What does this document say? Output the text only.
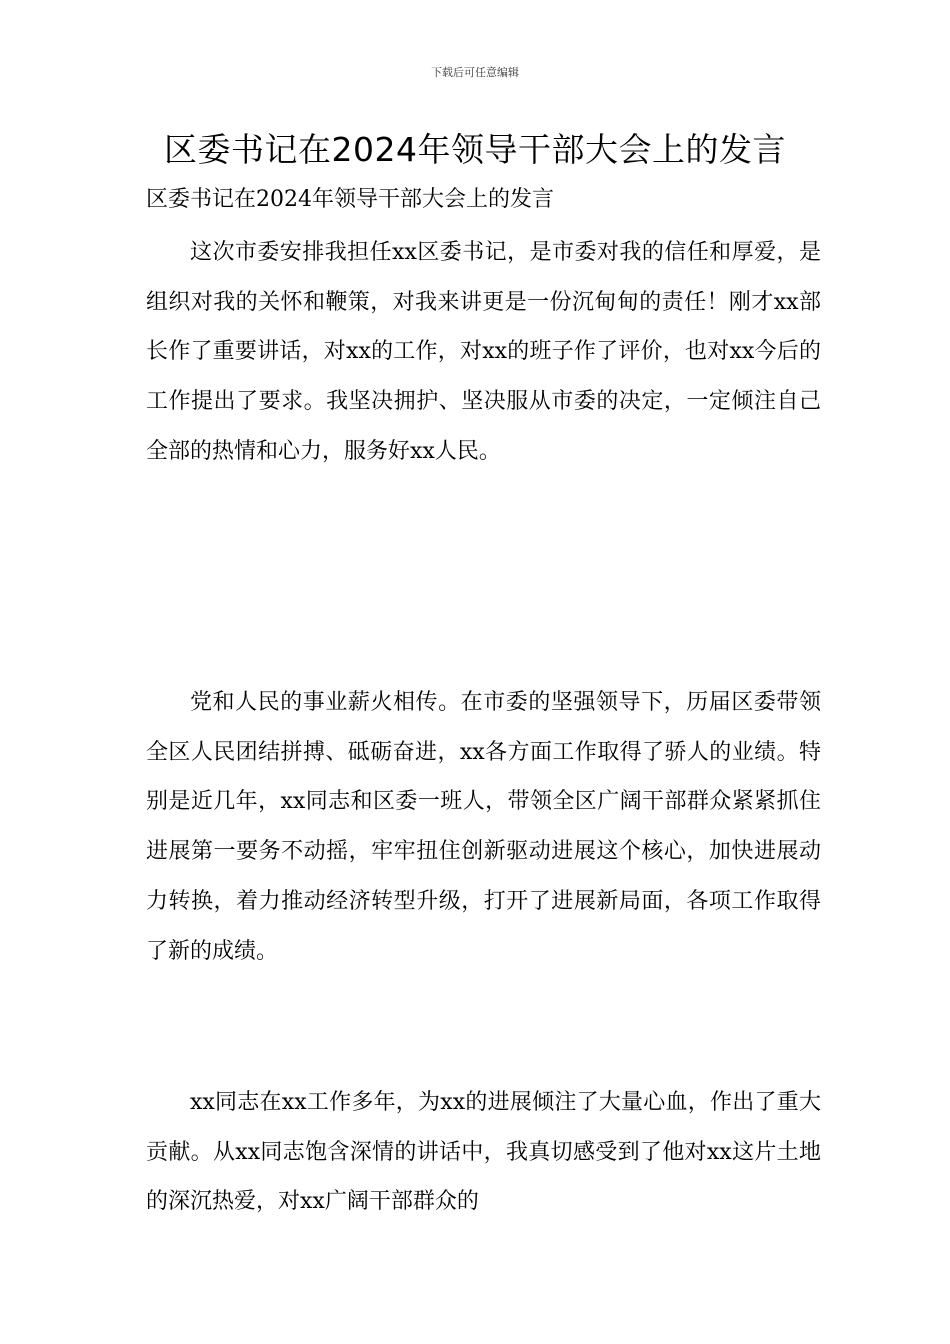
下载后可任意编辑
区委书记在2024年领导干部大会上的发言
区委书记在2024年领导干部大会上的发言

这次市委安排我担任xx区委书记，是市委对我的信任和厚爱，是组织对我的关怀和鞭策，对我来讲更是一份沉甸甸的责任！刚才xx部长作了重要讲话，对xx的工作，对xx的班子作了评价，也对xx今后的工作提出了要求。我坚决拥护、坚决服从市委的决定，一定倾注自己全部的热情和心力，服务好xx人民。

党和人民的事业薪火相传。在市委的坚强领导下，历届区委带领全区人民团结拼搏、砥砺奋进，xx各方面工作取得了骄人的业绩。特别是近几年，xx同志和区委一班人，带领全区广阔干部群众紧紧抓住进展第一要务不动摇，牢牢扭住创新驱动进展这个核心，加快进展动力转换，着力推动经济转型升级，打开了进展新局面，各项工作取得了新的成绩。

xx同志在xx工作多年，为xx的进展倾注了大量心血，作出了重大贡献。从xx同志饱含深情的讲话中，我真切感受到了他对xx这片土地的深沉热爱，对xx广阔干部群众的
